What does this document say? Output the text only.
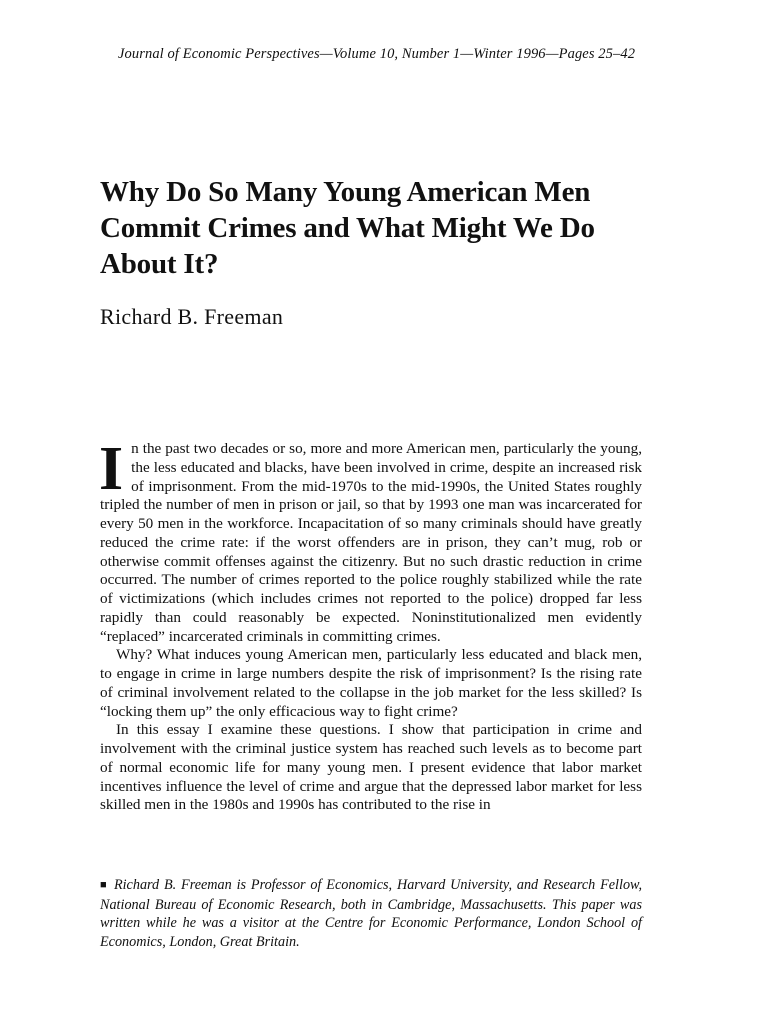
Journal of Economic Perspectives—Volume 10, Number 1—Winter 1996—Pages 25–42
Why Do So Many Young American Men Commit Crimes and What Might We Do About It?
Richard B. Freeman

In the past two decades or so, more and more American men, particularly the young, the less educated and blacks, have been involved in crime, despite an increased risk of imprisonment. From the mid-1970s to the mid-1990s, the United States roughly tripled the number of men in prison or jail, so that by 1993 one man was incarcerated for every 50 men in the workforce. Incapacitation of so many criminals should have greatly reduced the crime rate: if the worst offenders are in prison, they can’t mug, rob or otherwise commit offenses against the citizenry. But no such drastic reduction in crime occurred. The number of crimes reported to the police roughly stabilized while the rate of victimizations (which includes crimes not reported to the police) dropped far less rapidly than could reasonably be expected. Noninstitutionalized men evidently “replaced” incarcerated criminals in committing crimes.

Why? What induces young American men, particularly less educated and black men, to engage in crime in large numbers despite the risk of imprisonment? Is the rising rate of criminal involvement related to the collapse in the job market for the less skilled? Is “locking them up” the only efficacious way to fight crime?

In this essay I examine these questions. I show that participation in crime and involvement with the criminal justice system has reached such levels as to become part of normal economic life for many young men. I present evidence that labor market incentives influence the level of crime and argue that the depressed labor market for less skilled men in the 1980s and 1990s has contributed to the rise in

■ Richard B. Freeman is Professor of Economics, Harvard University, and Research Fellow, National Bureau of Economic Research, both in Cambridge, Massachusetts. This paper was written while he was a visitor at the Centre for Economic Performance, London School of Economics, London, Great Britain.
